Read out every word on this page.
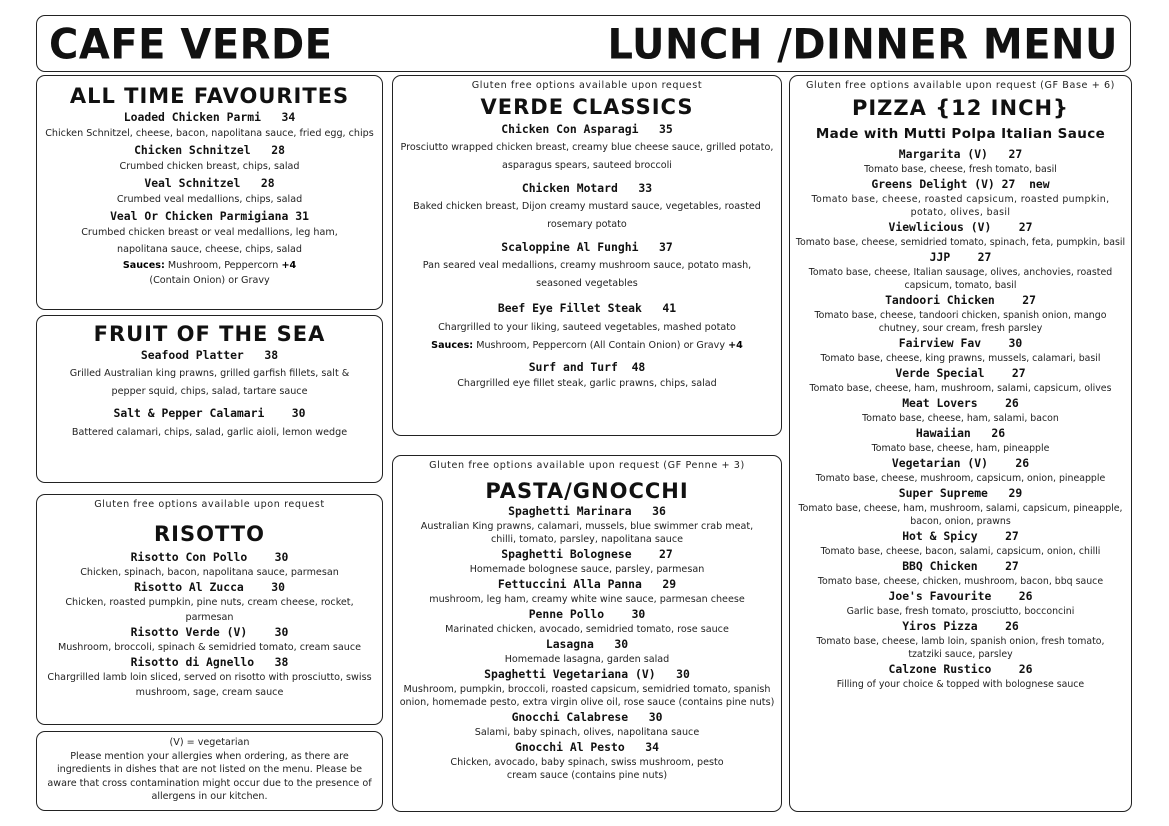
CAFE VERDE	LUNCH /DINNER MENU
ALL TIME FAVOURITES
Loaded Chicken Parmi   34
Chicken Schnitzel, cheese, bacon, napolitana sauce, fried egg, chips
Chicken Schnitzel   28
Crumbed chicken breast, chips, salad
Veal Schnitzel   28
Crumbed veal medallions, chips, salad
Veal Or Chicken Parmigiana 31
Crumbed chicken breast or veal medallions, leg ham, napolitana sauce, cheese, chips, salad
Sauces: Mushroom, Peppercorn +4
(Contain Onion) or Gravy
FRUIT OF THE SEA
Seafood Platter   38
Grilled Australian king prawns, grilled garfish fillets, salt & pepper squid, chips, salad, tartare sauce
Salt & Pepper Calamari    30
Battered calamari, chips, salad, garlic aioli, lemon wedge
Gluten free options available upon request
RISOTTO
Risotto Con Pollo    30
Chicken, spinach, bacon, napolitana sauce, parmesan
Risotto Al Zucca    30
Chicken, roasted pumpkin, pine nuts, cream cheese, rocket, parmesan
Risotto Verde (V)    30
Mushroom, broccoli, spinach & semidried tomato, cream sauce
Risotto di Agnello   38
Chargrilled lamb loin sliced, served on risotto with prosciutto, swiss mushroom, sage, cream sauce
(V) = vegetarian
Please mention your allergies when ordering, as there are ingredients in dishes that are not listed on the menu. Please be aware that cross contamination might occur due to the presence of allergens in our kitchen.
Gluten free options available upon request
VERDE CLASSICS
Chicken Con Asparagi   35
Prosciutto wrapped chicken breast, creamy blue cheese sauce, grilled potato, asparagus spears, sauteed broccoli
Chicken Motard   33
Baked chicken breast, Dijon creamy mustard sauce, vegetables, roasted rosemary potato
Scaloppine Al Funghi   37
Pan seared veal medallions, creamy mushroom sauce, potato mash, seasoned vegetables
Beef Eye Fillet Steak   41
Chargrilled to your liking, sauteed vegetables, mashed potato
Sauces: Mushroom, Peppercorn (All Contain Onion) or Gravy +4
Surf and Turf  48
Chargrilled eye fillet steak, garlic prawns, chips, salad
Gluten free options available upon request (GF Penne + 3)
PASTA/GNOCCHI
Spaghetti Marinara   36
Australian King prawns, calamari, mussels, blue swimmer crab meat, chilli, tomato, parsley, napolitana sauce
Spaghetti Bolognese    27
Homemade bolognese sauce, parsley, parmesan
Fettuccini Alla Panna   29
mushroom, leg ham, creamy white wine sauce, parmesan cheese
Penne Pollo    30
Marinated chicken, avocado, semidried tomato, rose sauce
Lasagna   30
Homemade lasagna, garden salad
Spaghetti Vegetariana (V)   30
Mushroom, pumpkin, broccoli, roasted capsicum, semidried tomato, spanish onion, homemade pesto, extra virgin olive oil, rose sauce (contains pine nuts)
Gnocchi Calabrese   30
Salami, baby spinach, olives, napolitana sauce
Gnocchi Al Pesto   34
Chicken, avocado, baby spinach, swiss mushroom, pesto cream sauce (contains pine nuts)
Gluten free options available upon request (GF Base + 6)
PIZZA {12 INCH}
Made with Mutti Polpa Italian Sauce
Margarita (V)   27
Tomato base, cheese, fresh tomato, basil
Greens Delight (V) 27  new
Tomato base, cheese, roasted capsicum, roasted pumpkin, potato, olives, basil
Viewlicious (V)    27
Tomato base, cheese, semidried tomato, spinach, feta, pumpkin, basil
JJP    27
Tomato base, cheese, Italian sausage, olives, anchovies, roasted capsicum, tomato, basil
Tandoori Chicken    27
Tomato base, cheese, tandoori chicken, spanish onion, mango chutney, sour cream, fresh parsley
Fairview Fav    30
Tomato base, cheese, king prawns, mussels, calamari, basil
Verde Special    27
Tomato base, cheese, ham, mushroom, salami, capsicum, olives
Meat Lovers    26
Tomato base, cheese, ham, salami, bacon
Hawaiian   26
Tomato base, cheese, ham, pineapple
Vegetarian (V)    26
Tomato base, cheese, mushroom, capsicum, onion, pineapple
Super Supreme   29
Tomato base, cheese, ham, mushroom, salami, capsicum, pineapple, bacon, onion, prawns
Hot & Spicy    27
Tomato base, cheese, bacon, salami, capsicum, onion, chilli
BBQ Chicken    27
Tomato base, cheese, chicken, mushroom, bacon, bbq sauce
Joe's Favourite    26
Garlic base, fresh tomato, prosciutto, bocconcini
Yiros Pizza    26
Tomato base, cheese, lamb loin, spanish onion, fresh tomato, tzatziki sauce, parsley
Calzone Rustico    26
Filling of your choice & topped with bolognese sauce
